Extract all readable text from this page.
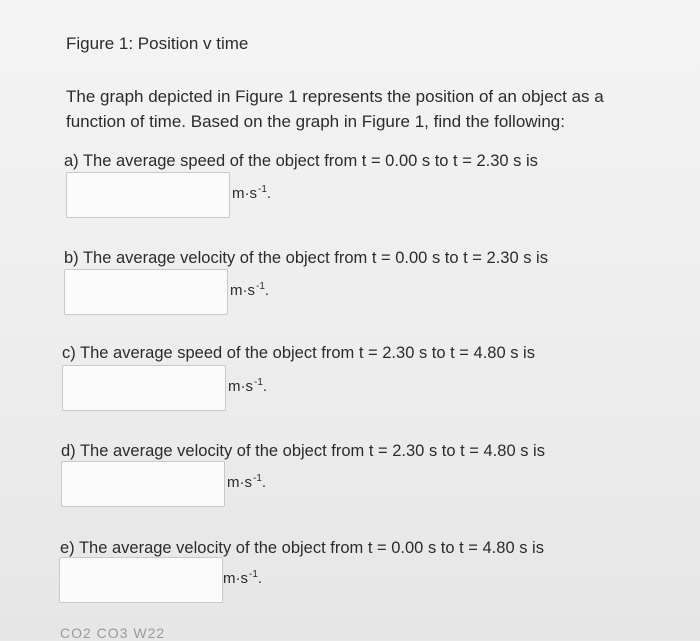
Figure 1: Position v time
The graph depicted in Figure 1 represents the position of an object as a function of time. Based on the graph in Figure 1, find the following:
a) The average speed of the object from t = 0.00 s to t = 2.30 s is
$m\cdot s^{-1}$.
b) The average velocity of the object from t = 0.00 s to t = 2.30 s is
$m\cdot s^{-1}$.
c) The average speed of the object from t = 2.30 s to t = 4.80 s is
$m\cdot s^{-1}$.
d) The average velocity of the object from t = 2.30 s to t = 4.80 s is
$m\cdot s^{-1}$.
e) The average velocity of the object from t = 0.00 s to t = 4.80 s is
$m\cdot s^{-1}$.
CO2 CO3 W22
